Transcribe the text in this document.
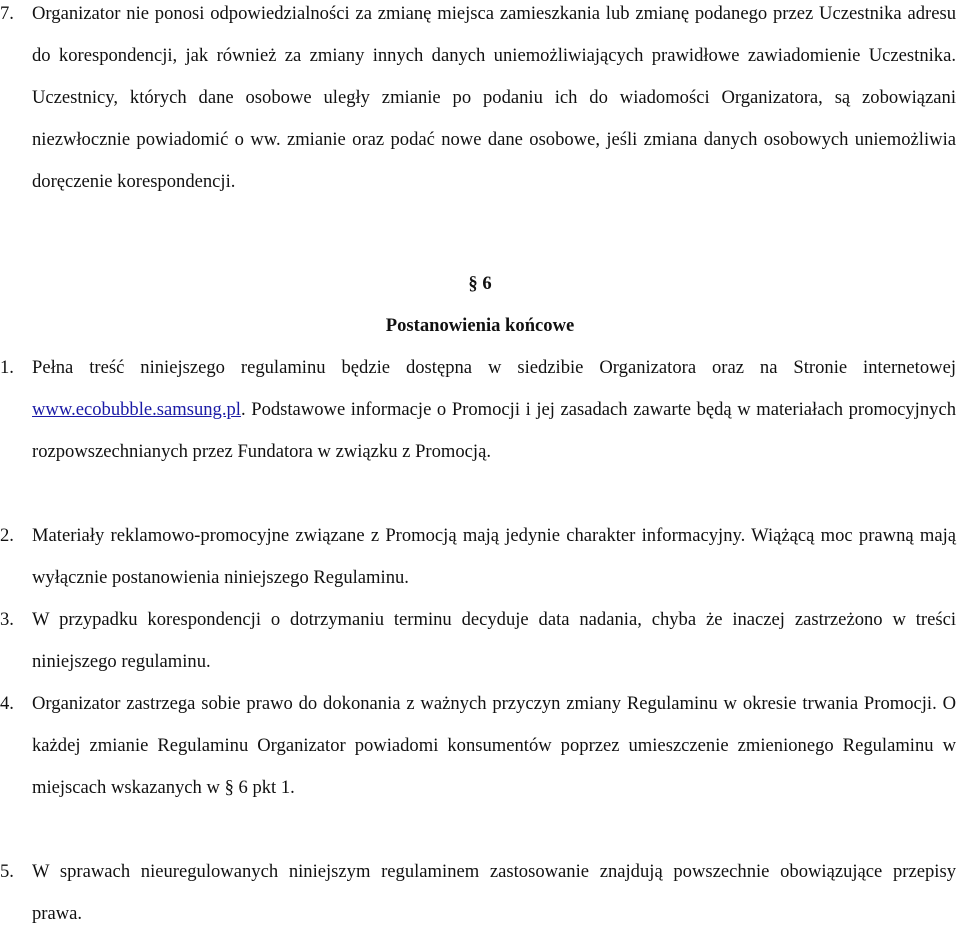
7. Organizator nie ponosi odpowiedzialności za zmianę miejsca zamieszkania lub zmianę podanego przez Uczestnika adresu do korespondencji, jak również za zmiany innych danych uniemożliwiających prawidłowe zawiadomienie Uczestnika. Uczestnicy, których dane osobowe uległy zmianie po podaniu ich do wiadomości Organizatora, są zobowiązani niezwłocznie powiadomić o ww. zmianie oraz podać nowe dane osobowe, jeśli zmiana danych osobowych uniemożliwia doręczenie korespondencji.
§ 6
Postanowienia końcowe
1. Pełna treść niniejszego regulaminu będzie dostępna w siedzibie Organizatora oraz na Stronie internetowej www.ecobubble.samsung.pl. Podstawowe informacje o Promocji i jej zasadach zawarte będą w materiałach promocyjnych rozpowszechnianych przez Fundatora w związku z Promocją.
2. Materiały reklamowo-promocyjne związane z Promocją mają jedynie charakter informacyjny. Wiążącą moc prawną mają wyłącznie postanowienia niniejszego Regulaminu.
3. W przypadku korespondencji o dotrzymaniu terminu decyduje data nadania, chyba że inaczej zastrzeżono w treści niniejszego regulaminu.
4. Organizator zastrzega sobie prawo do dokonania z ważnych przyczyn zmiany Regulaminu w okresie trwania Promocji. O każdej zmianie Regulaminu Organizator powiadomi konsumentów poprzez umieszczenie zmienionego Regulaminu w miejscach wskazanych w § 6 pkt 1.
5. W sprawach nieuregulowanych niniejszym regulaminem zastosowanie znajdują powszechnie obowiązujące przepisy prawa.
